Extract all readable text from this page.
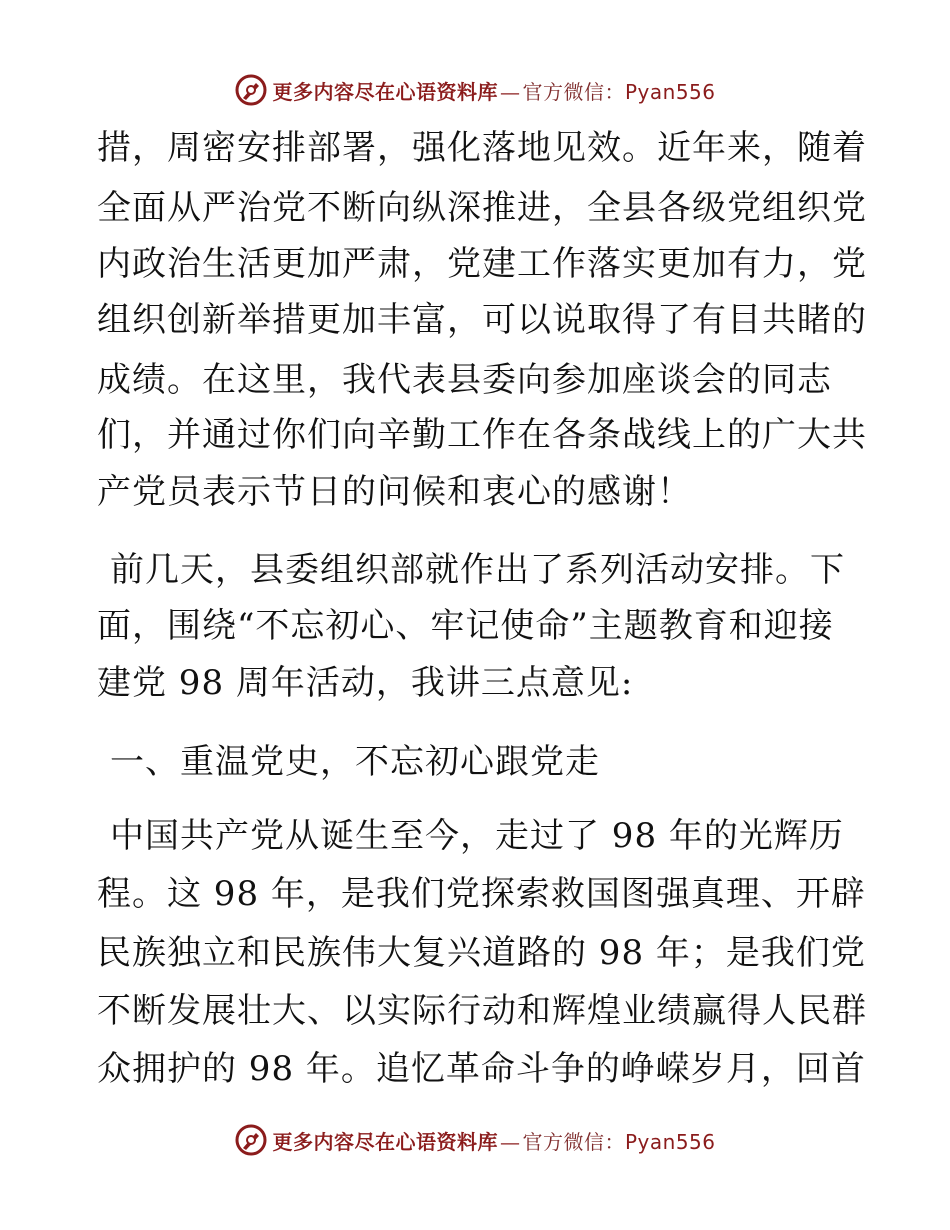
更多内容尽在心语资料库 — 官方微信：Pyan556
措，周密安排部署，强化落地见效。近年来，随着
全面从严治党不断向纵深推进，全县各级党组织党
内政治生活更加严肃，党建工作落实更加有力，党
组织创新举措更加丰富，可以说取得了有目共睹的
成绩。在这里，我代表县委向参加座谈会的同志
们，并通过你们向辛勤工作在各条战线上的广大共
产党员表示节日的问候和衷心的感谢！
前几天，县委组织部就作出了系列活动安排。下
面，围绕“不忘初心、牢记使命”主题教育和迎接
建党 98 周年活动，我讲三点意见:
一、重温党史，不忘初心跟党走
中国共产党从诞生至今，走过了 98 年的光辉历
程。这 98 年，是我们党探索救国图强真理、开辟
民族独立和民族伟大复兴道路的 98 年；是我们党
不断发展壮大、以实际行动和辉煌业绩赢得人民群
众拥护的 98 年。追忆革命斗争的峥嵘岁月，回首
更多内容尽在心语资料库 — 官方微信：Pyan556
